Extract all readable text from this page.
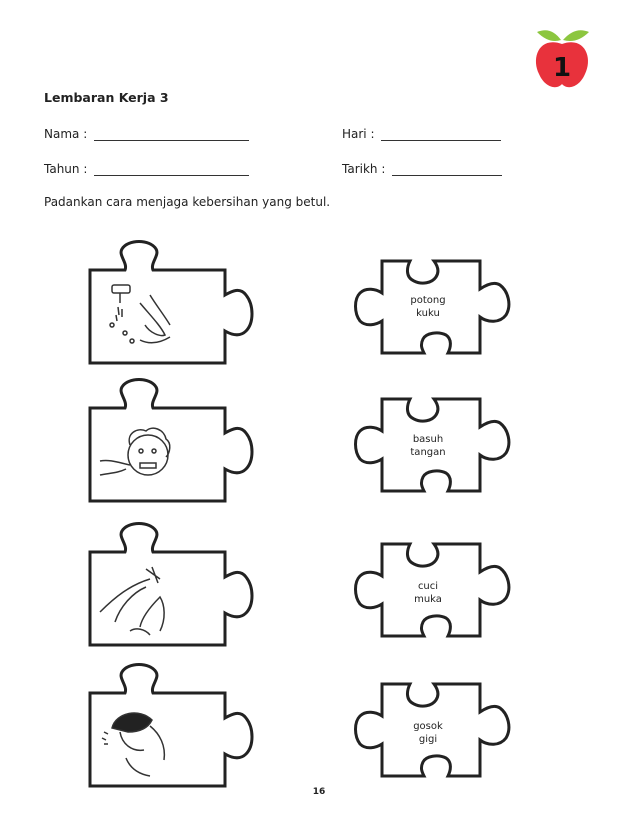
1
Lembaran Kerja 3
Nama :	Hari :
Tahun :	Tarikh :
Padankan cara menjaga kebersihan yang betul.
potong
kuku
basuh
tangan
cuci
muka
gosok
gigi
16
